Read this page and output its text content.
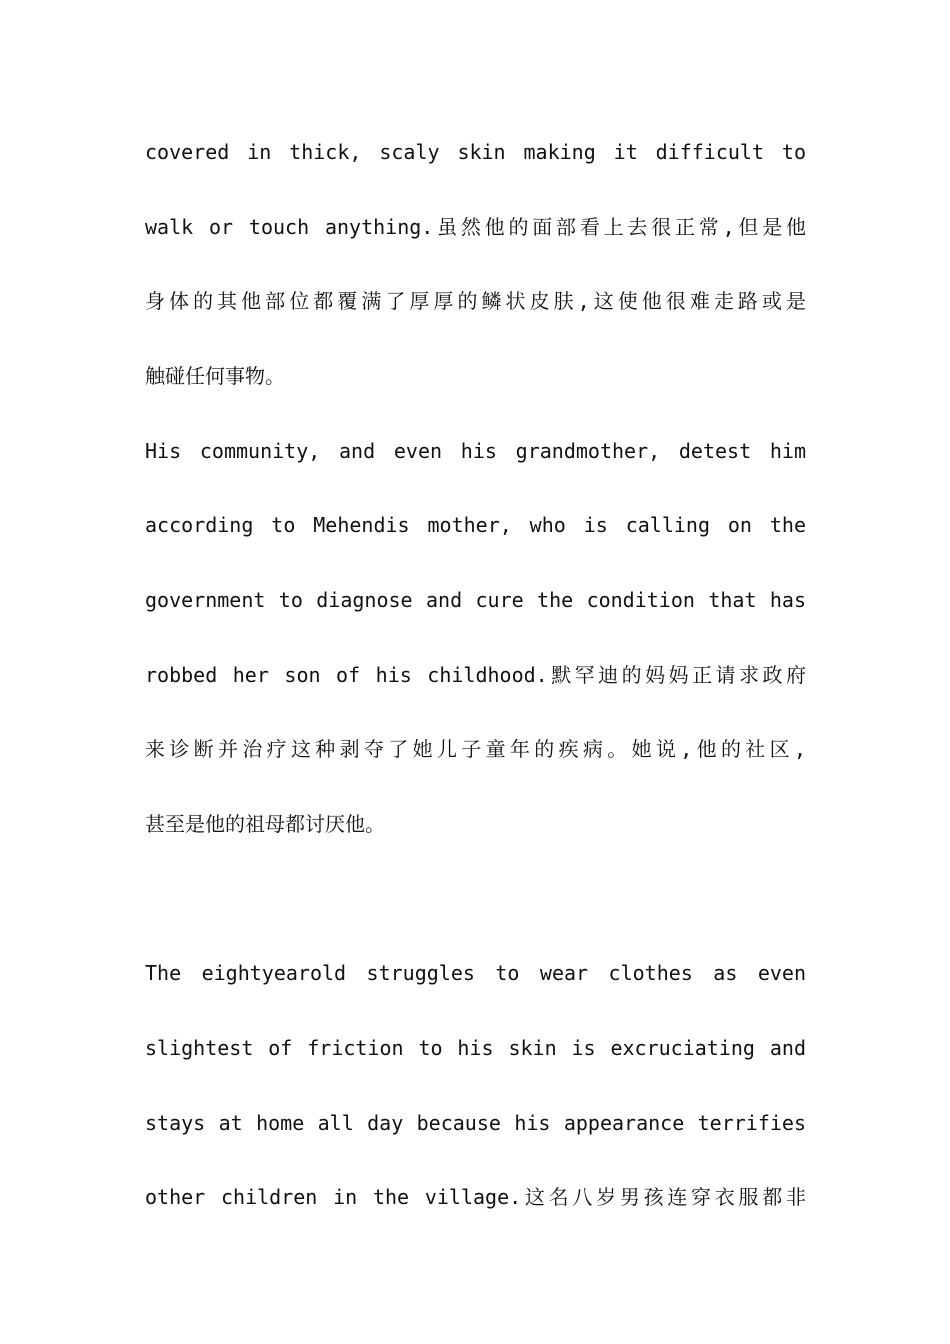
covered in thick, scaly skin making it difficult to
walk or touch anything.虽然他的面部看上去很正常,但是他
身体的其他部位都覆满了厚厚的鳞状皮肤,这使他很难走路或是
触碰任何事物。
His community, and even his grandmother, detest him
according to Mehendis mother, who is calling on the
government to diagnose and cure the condition that has
robbed her son of his childhood.默罕迪的妈妈正请求政府
来诊断并治疗这种剥夺了她儿子童年的疾病。她说,他的社区,
甚至是他的祖母都讨厌他。
The eightyearold struggles to wear clothes as even
slightest of friction to his skin is excruciating and
stays at home all day because his appearance terrifies
other children in the village.这名八岁男孩连穿衣服都非
